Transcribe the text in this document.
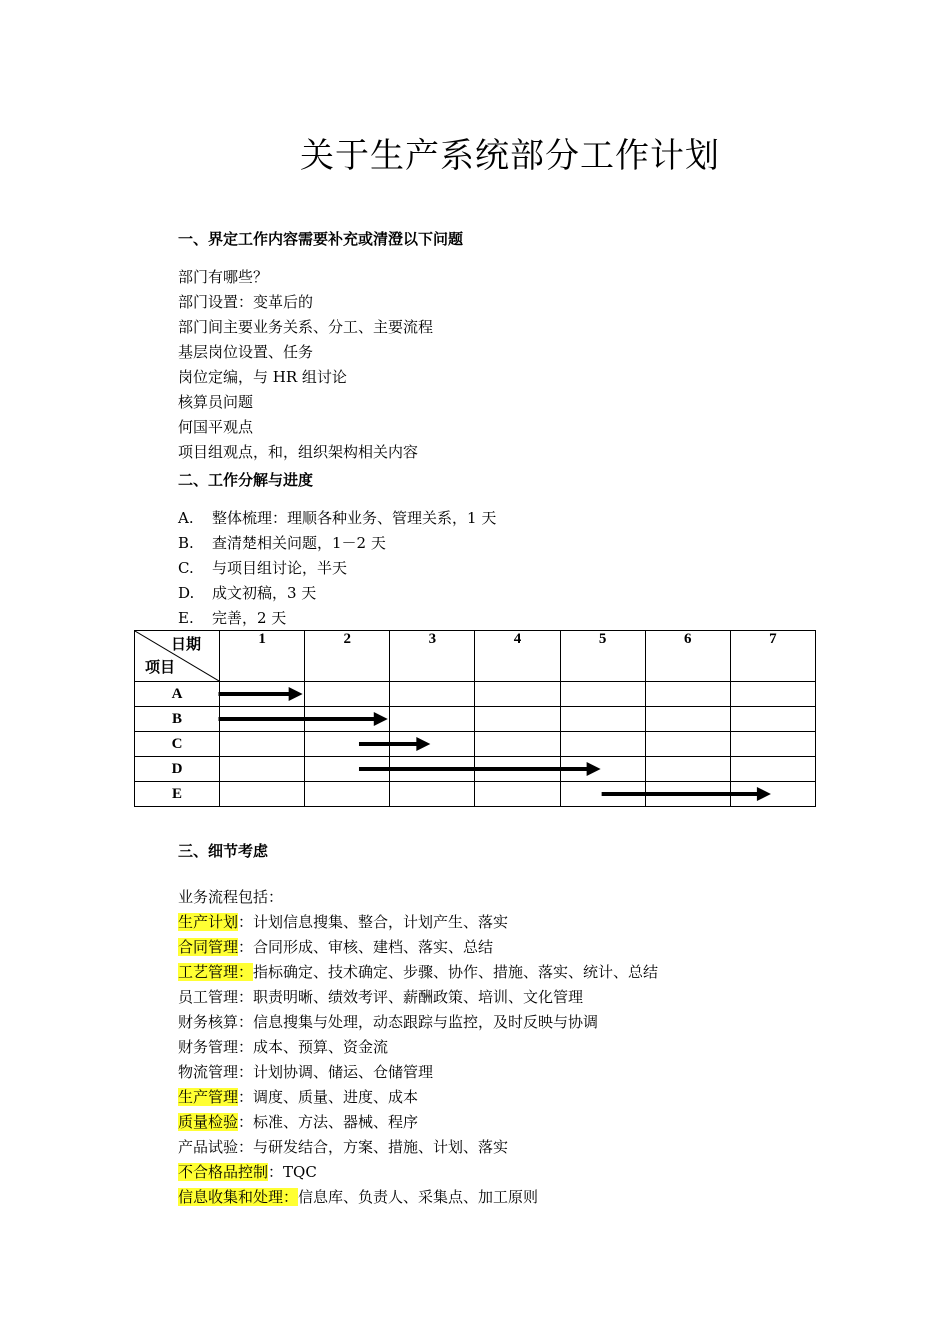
关于生产系统部分工作计划
一、界定工作内容需要补充或清澄以下问题
部门有哪些？
部门设置：变革后的
部门间主要业务关系、分工、主要流程
基层岗位设置、任务
岗位定编，与 HR 组讨论
核算员问题
何国平观点
项目组观点，和，组织架构相关内容
二、工作分解与进度
A. 整体梳理：理顺各种业务、管理关系，1 天
B. 查清楚相关问题，1－2 天
C. 与项目组讨论，半天
D. 成文初稿，3 天
E. 完善，2 天
日期
项目	1	2	3	4	5	6	7
A							
B							
C							
D							
E							
三、细节考虑
业务流程包括：
生产计划：计划信息搜集、整合，计划产生、落实
合同管理：合同形成、审核、建档、落实、总结
工艺管理：指标确定、技术确定、步骤、协作、措施、落实、统计、总结
员工管理：职责明晰、绩效考评、薪酬政策、培训、文化管理
财务核算：信息搜集与处理，动态跟踪与监控，及时反映与协调
财务管理：成本、预算、资金流
物流管理：计划协调、储运、仓储管理
生产管理：调度、质量、进度、成本
质量检验：标准、方法、器械、程序
产品试验：与研发结合，方案、措施、计划、落实
不合格品控制：TQC
信息收集和处理：信息库、负责人、采集点、加工原则
